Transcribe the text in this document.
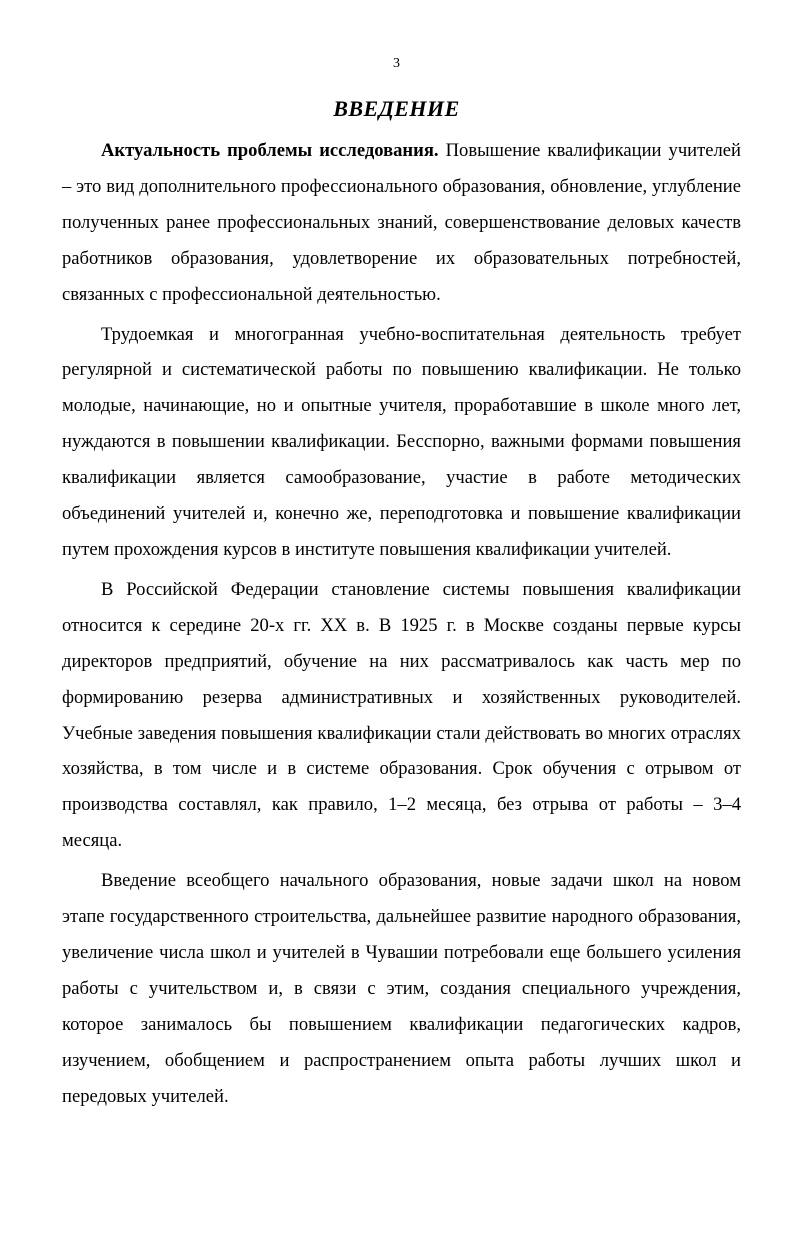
3
ВВЕДЕНИЕ

Актуальность проблемы исследования. Повышение квалификации учителей – это вид дополнительного профессионального образования, обновление, углубление полученных ранее профессиональных знаний, совершенствование деловых качеств работников образования, удовлетворение их образовательных потребностей, связанных с профессиональной деятельностью.

Трудоемкая и многогранная учебно-воспитательная деятельность требует регулярной и систематической работы по повышению квалификации. Не только молодые, начинающие, но и опытные учителя, проработавшие в школе много лет, нуждаются в повышении квалификации. Бесспорно, важными формами повышения квалификации является самообразование, участие в работе методических объединений учителей и, конечно же, переподготовка и повышение квалификации путем прохождения курсов в институте повышения квалификации учителей.

В Российской Федерации становление системы повышения квалификации относится к середине 20-х гг. XX в. В 1925 г. в Москве созданы первые курсы директоров предприятий, обучение на них рассматривалось как часть мер по формированию резерва административных и хозяйственных руководителей. Учебные заведения повышения квалификации стали действовать во многих отраслях хозяйства, в том числе и в системе образования. Срок обучения с отрывом от производства составлял, как правило, 1–2 месяца, без отрыва от работы – 3–4 месяца.

Введение всеобщего начального образования, новые задачи школ на новом этапе государственного строительства, дальнейшее развитие народного образования, увеличение числа школ и учителей в Чувашии потребовали еще большeго усиления работы с учительством и, в связи с этим, создания специального учреждения, которое занималось бы повышением квалификации педагогических кадров, изучением, обобщением и распространением опыта работы лучших школ и передовых учителей.
